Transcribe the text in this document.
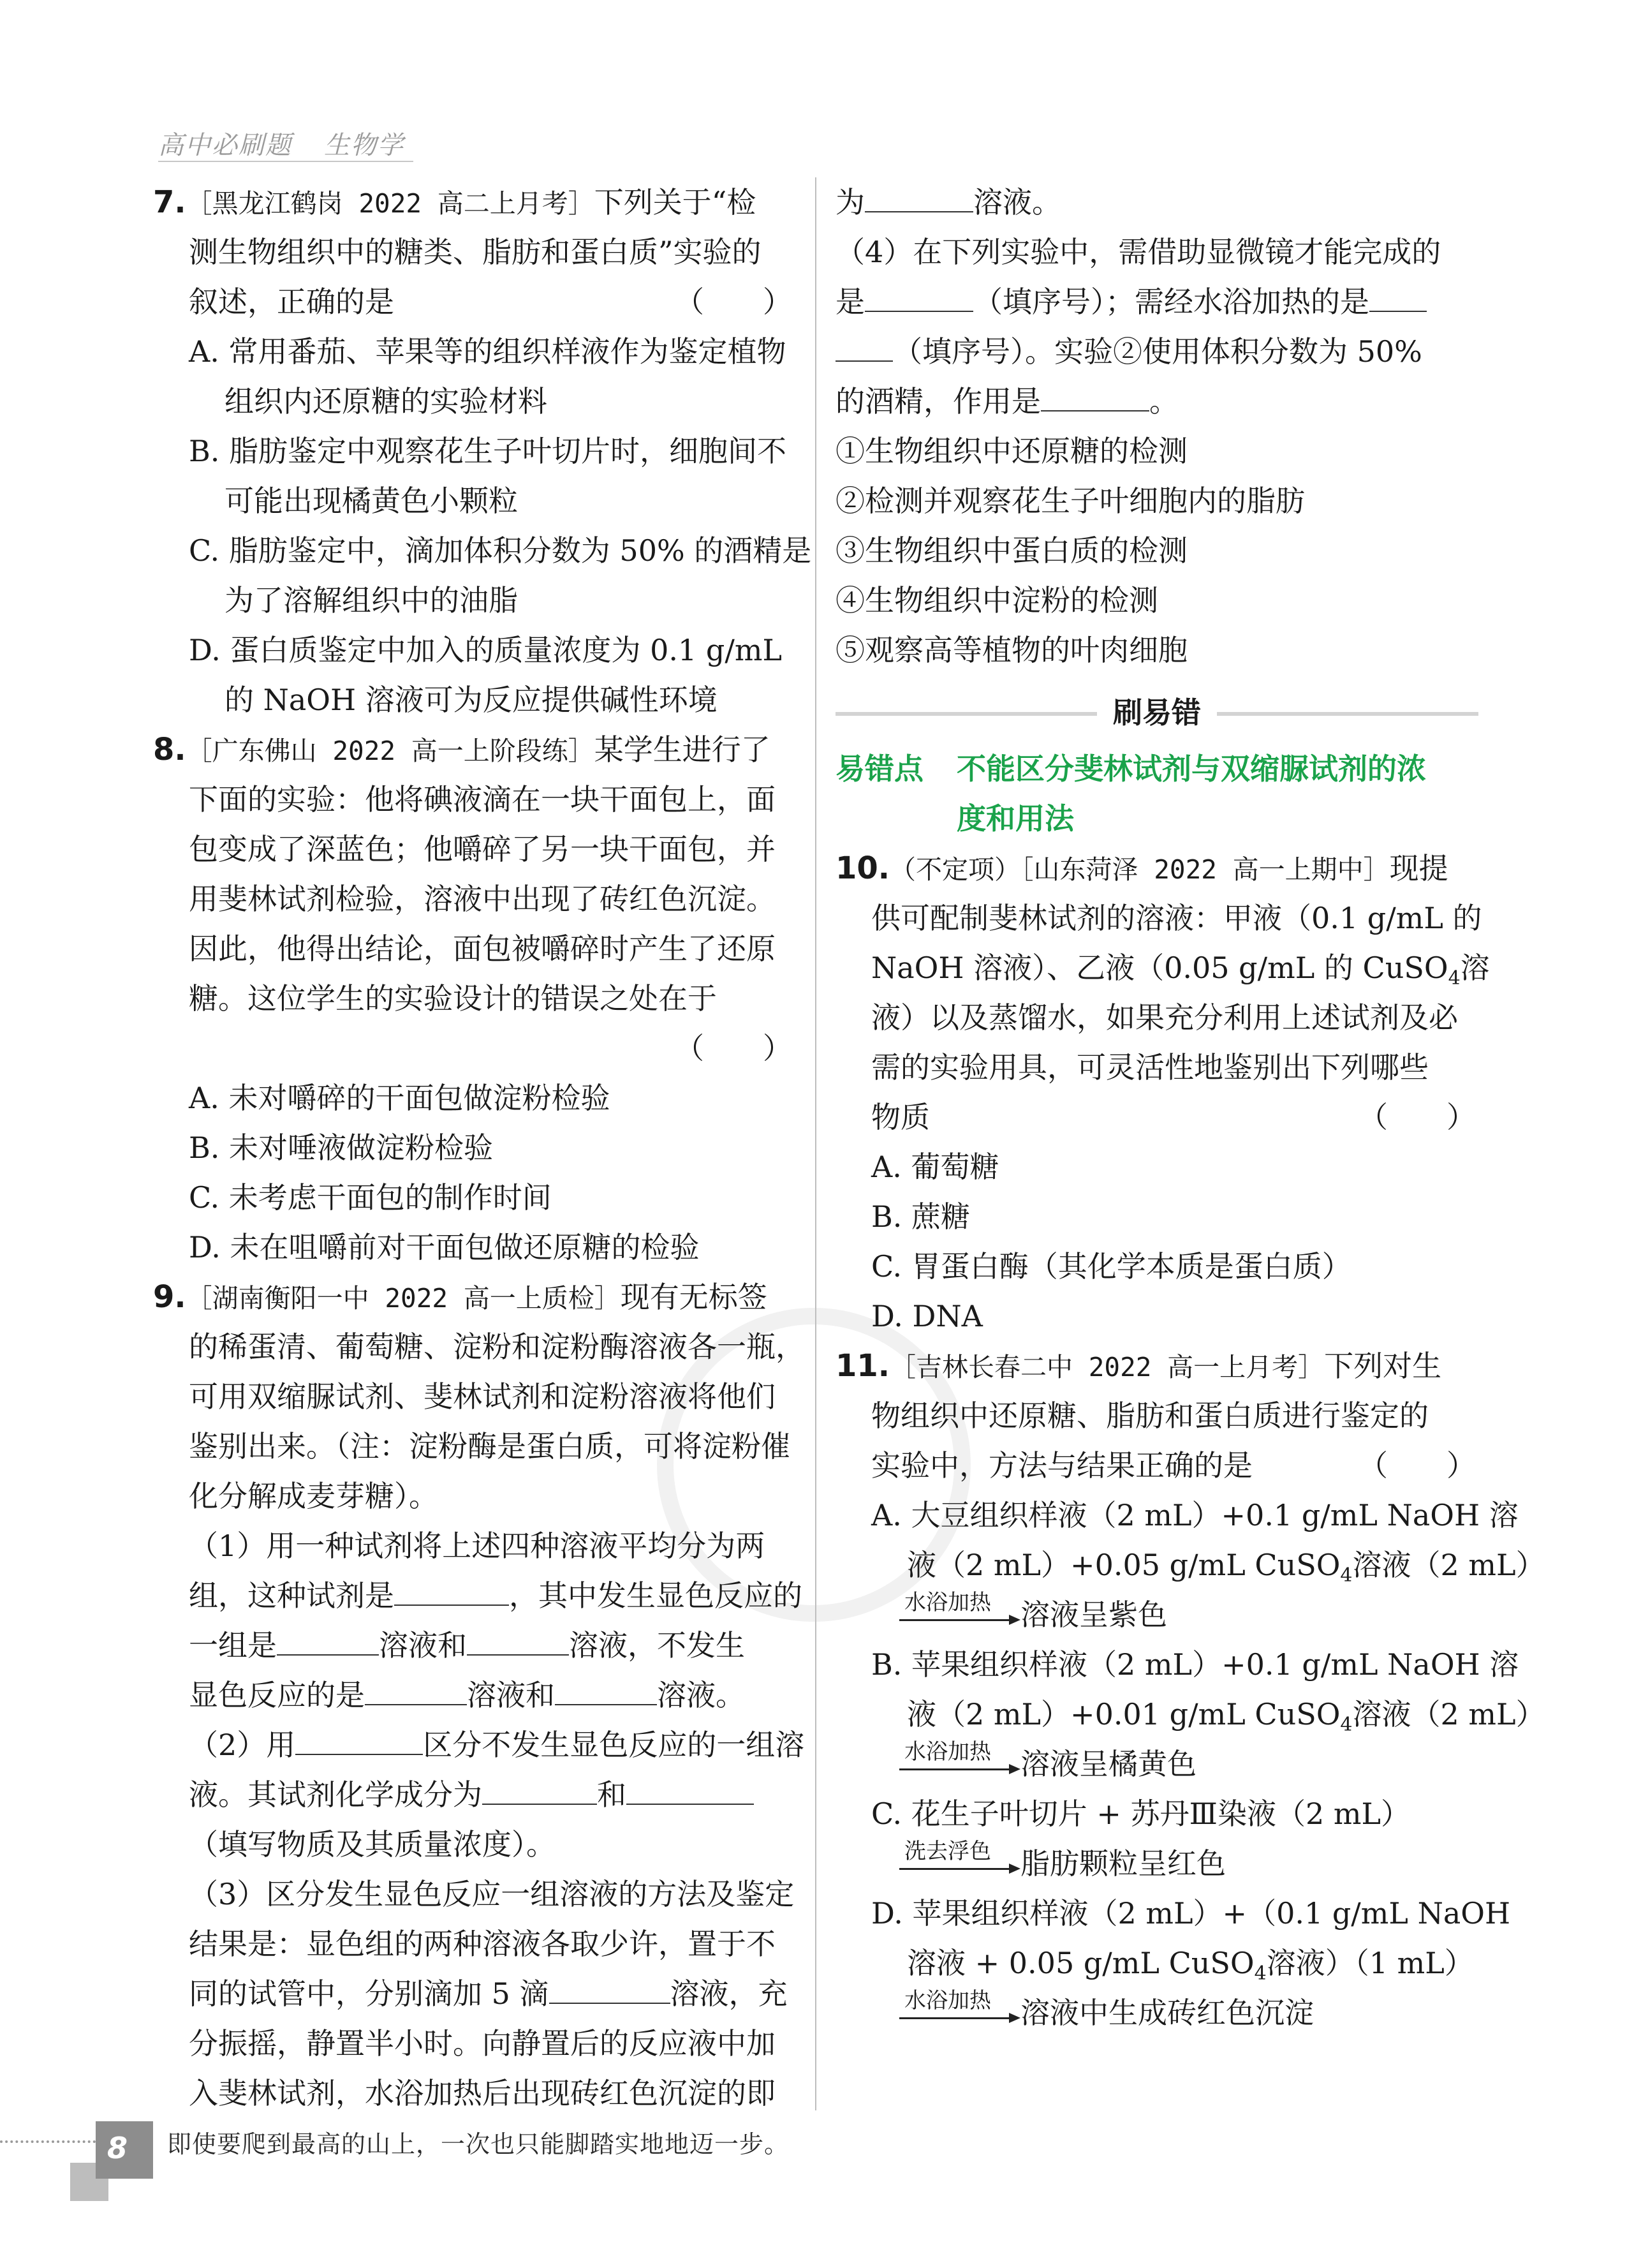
高中必刷题 生物学
7.［黑龙江鹤岗 2022 高二上月考］下列关于“检
测生物组织中的糖类、脂肪和蛋白质”实验的
叙述，正确的是	（　　）
A. 常用番茄、苹果等的组织样液作为鉴定植物
组织内还原糖的实验材料
B. 脂肪鉴定中观察花生子叶切片时，细胞间不
可能出现橘黄色小颗粒
C. 脂肪鉴定中，滴加体积分数为 50% 的酒精是
为了溶解组织中的油脂
D. 蛋白质鉴定中加入的质量浓度为 0.1 g/mL
的 NaOH 溶液可为反应提供碱性环境
8.［广东佛山 2022 高一上阶段练］某学生进行了
下面的实验：他将碘液滴在一块干面包上，面
包变成了深蓝色；他嚼碎了另一块干面包，并
用斐林试剂检验，溶液中出现了砖红色沉淀。
因此，他得出结论，面包被嚼碎时产生了还原
糖。这位学生的实验设计的错误之处在于
（　　）
A. 未对嚼碎的干面包做淀粉检验
B. 未对唾液做淀粉检验
C. 未考虑干面包的制作时间
D. 未在咀嚼前对干面包做还原糖的检验
9.［湖南衡阳一中 2022 高一上质检］现有无标签
的稀蛋清、葡萄糖、淀粉和淀粉酶溶液各一瓶，
可用双缩脲试剂、斐林试剂和淀粉溶液将他们
鉴别出来。（注：淀粉酶是蛋白质，可将淀粉催
化分解成麦芽糖）。
（1）用一种试剂将上述四种溶液平均分为两
组，这种试剂是	，其中发生显色反应的
一组是	溶液和	溶液，不发生
显色反应的是	溶液和	溶液。
（2）用	区分不发生显色反应的一组溶
液。其试剂化学成分为	和
（填写物质及其质量浓度）。
（3）区分发生显色反应一组溶液的方法及鉴定
结果是：显色组的两种溶液各取少许，置于不
同的试管中，分别滴加 5 滴	溶液，充
分振摇，静置半小时。向静置后的反应液中加
入斐林试剂，水浴加热后出现砖红色沉淀的即
为	溶液。
（4）在下列实验中，需借助显微镜才能完成的
是	（填序号）；需经水浴加热的是
（填序号）。实验②使用体积分数为 50%
的酒精，作用是	。
①生物组织中还原糖的检测
②检测并观察花生子叶细胞内的脂肪
③生物组织中蛋白质的检测
④生物组织中淀粉的检测
⑤观察高等植物的叶肉细胞
刷易错
易错点 不能区分斐林试剂与双缩脲试剂的浓
度和用法
10.（不定项）［山东菏泽 2022 高一上期中］现提
供可配制斐林试剂的溶液：甲液（0.1 g/mL 的
NaOH 溶液）、乙液（0.05 g/mL 的 CuSO$_4$溶
液）以及蒸馏水，如果充分利用上述试剂及必
需的实验用具，可灵活性地鉴别出下列哪些
物质	（　　）
A. 葡萄糖
B. 蔗糖
C. 胃蛋白酶（其化学本质是蛋白质）
D. DNA
11.［吉林长春二中 2022 高一上月考］下列对生
物组织中还原糖、脂肪和蛋白质进行鉴定的
实验中，方法与结果正确的是	（　　）
A. 大豆组织样液（2 mL）+0.1 g/mL NaOH 溶
液（2 mL）+0.05 g/mL CuSO$_4$溶液（2 mL）
水浴加热 溶液呈紫色
B. 苹果组织样液（2 mL）+0.1 g/mL NaOH 溶
液（2 mL）+0.01 g/mL CuSO$_4$溶液（2 mL）
水浴加热 溶液呈橘黄色
C. 花生子叶切片 + 苏丹Ⅲ染液（2 mL）
洗去浮色 脂肪颗粒呈红色
D. 苹果组织样液（2 mL）+（0.1 g/mL NaOH
溶液 + 0.05 g/mL CuSO$_4$溶液）（1 mL）
水浴加热 溶液中生成砖红色沉淀
8	即使要爬到最高的山上，一次也只能脚踏实地地迈一步。
